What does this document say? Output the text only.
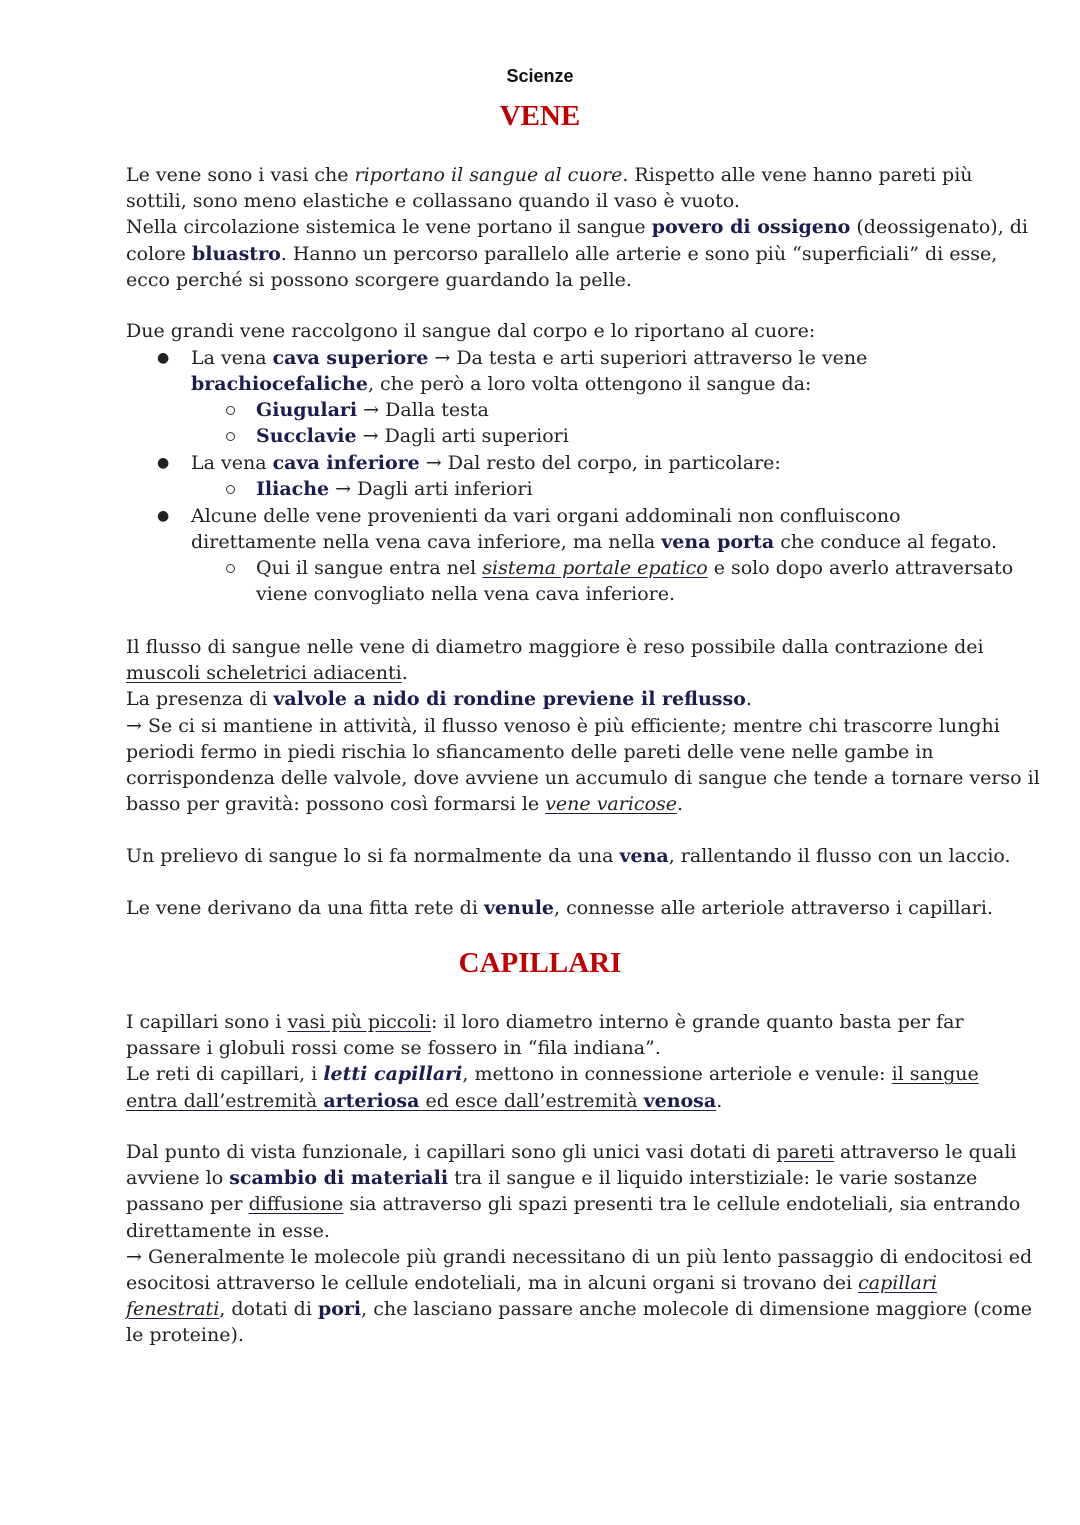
Scienze
VENE
Le vene sono i vasi che riportano il sangue al cuore. Rispetto alle vene hanno pareti più
sottili, sono meno elastiche e collassano quando il vaso è vuoto.
Nella circolazione sistemica le vene portano il sangue povero di ossigeno (deossigenato), di
colore bluastro. Hanno un percorso parallelo alle arterie e sono più “superficiali” di esse,
ecco perché si possono scorgere guardando la pelle.
Due grandi vene raccolgono il sangue dal corpo e lo riportano al cuore:
● La vena cava superiore → Da testa e arti superiori attraverso le vene
brachiocefaliche, che però a loro volta ottengono il sangue da:
Giugulari → Dalla testa
Succlavie → Dagli arti superiori
● La vena cava inferiore → Dal resto del corpo, in particolare:
Iliache → Dagli arti inferiori
● Alcune delle vene provenienti da vari organi addominali non confluiscono
direttamente nella vena cava inferiore, ma nella vena porta che conduce al fegato.
Qui il sangue entra nel sistema portale epatico e solo dopo averlo attraversato
viene convogliato nella vena cava inferiore.
Il flusso di sangue nelle vene di diametro maggiore è reso possibile dalla contrazione dei
muscoli scheletrici adiacenti.
La presenza di valvole a nido di rondine previene il reflusso.
→ Se ci si mantiene in attività, il flusso venoso è più efficiente; mentre chi trascorre lunghi
periodi fermo in piedi rischia lo sfiancamento delle pareti delle vene nelle gambe in
corrispondenza delle valvole, dove avviene un accumulo di sangue che tende a tornare verso il
basso per gravità: possono così formarsi le vene varicose.
Un prelievo di sangue lo si fa normalmente da una vena, rallentando il flusso con un laccio.
Le vene derivano da una fitta rete di venule, connesse alle arteriole attraverso i capillari.
CAPILLARI
I capillari sono i vasi più piccoli: il loro diametro interno è grande quanto basta per far
passare i globuli rossi come se fossero in “fila indiana”.
Le reti di capillari, i letti capillari, mettono in connessione arteriole e venule: il sangue
entra dall’estremità arteriosa ed esce dall’estremità venosa.
Dal punto di vista funzionale, i capillari sono gli unici vasi dotati di pareti attraverso le quali
avviene lo scambio di materiali tra il sangue e il liquido interstiziale: le varie sostanze
passano per diffusione sia attraverso gli spazi presenti tra le cellule endoteliali, sia entrando
direttamente in esse.
→ Generalmente le molecole più grandi necessitano di un più lento passaggio di endocitosi ed
esocitosi attraverso le cellule endoteliali, ma in alcuni organi si trovano dei capillari
fenestrati, dotati di pori, che lasciano passare anche molecole di dimensione maggiore (come
le proteine).
